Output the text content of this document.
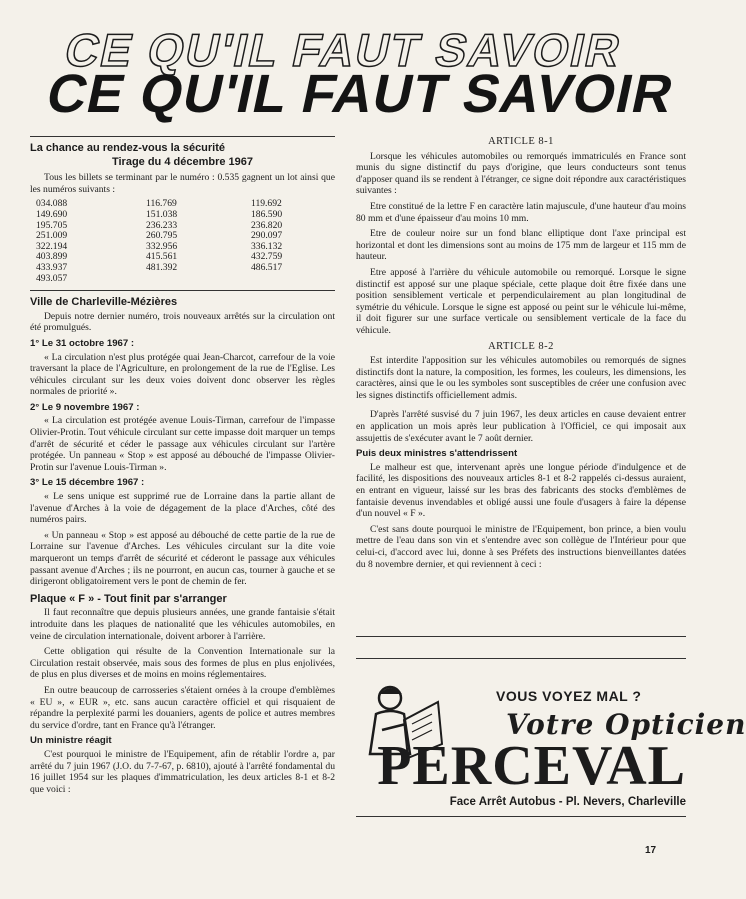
CE QU'IL FAUT SAVOIR
CE QU'IL FAUT SAVOIR
La chance au rendez-vous la sécurité
Tirage du 4 décembre 1967

Tous les billets se terminant par le numéro : 0.535 gagnent un lot ainsi que les numéros suivants :

034.088	116.769	119.692
149.690	151.038	186.590
195.705	236.233	236.820
251.009	260.795	290.097
322.194	332.956	336.132
403.899	415.561	432.759
433.937	481.392	486.517
493.057
Ville de Charleville-Mézières

Depuis notre dernier numéro, trois nouveaux arrêtés sur la circulation ont été promulgués.

1° Le 31 octobre 1967 :

« La circulation n'est plus protégée quai Jean-Charcot, carrefour de la voie traversant la place de l'Agriculture, en prolongement de la rue de l'Eglise. Les véhicules circulant sur les deux voies doivent donc observer les règles normales de priorité ».

2° Le 9 novembre 1967 :

« La circulation est protégée avenue Louis-Tirman, carrefour de l'impasse Olivier-Protin. Tout véhicule circulant sur cette impasse doit marquer un temps d'arrêt de sécurité et céder le passage aux véhicules circulant sur l'artère protégée. Un panneau « Stop » est apposé au débouché de l'impasse Olivier-Protin sur l'avenue Louis-Tirman ».

3° Le 15 décembre 1967 :

« Le sens unique est supprimé rue de Lorraine dans la partie allant de l'avenue d'Arches à la voie de dégagement de la place d'Arches, côté des numéros pairs.

« Un panneau « Stop » est apposé au débouché de cette partie de la rue de Lorraine sur l'avenue d'Arches. Les véhicules circulant sur la dite voie marqueront un temps d'arrêt de sécurité et céderont le passage aux véhicules passant avenue d'Arches ; ils ne pourront, en aucun cas, tourner à gauche et se dirigeront obligatoirement vers le pont de chemin de fer.

Plaque « F » - Tout finit par s'arranger

Il faut reconnaître que depuis plusieurs années, une grande fantaisie s'était introduite dans les plaques de nationalité que les véhicules automobiles, en veine de circulation internationale, doivent arborer à l'arrière.

Cette obligation qui résulte de la Convention Internationale sur la Circulation restait observée, mais sous des formes de plus en plus enjolivées, de plus en plus diverses et de moins en moins réglementaires.

En outre beaucoup de carrosseries s'étaient ornées à la croupe d'emblèmes « EU », « EUR », etc. sans aucun caractère officiel et qui risquaient de répandre la perplexité parmi les douaniers, agents de police et autres membres du service d'ordre, tant en France qu'à l'étranger.

Un ministre réagit

C'est pourquoi le ministre de l'Equipement, afin de rétablir l'ordre a, par arrêté du 7 juin 1967 (J.O. du 7-7-67, p. 6810), ajouté à l'arrêté fondamental du 16 juillet 1954 sur les plaques d'immatriculation, les deux articles 8-1 et 8-2 que voici :

ARTICLE 8-1

Lorsque les véhicules automobiles ou remorqués immatriculés en France sont munis du signe distinctif du pays d'origine, que leurs conducteurs sont tenus d'apposer quand ils se rendent à l'étranger, ce signe doit répondre aux caractéristiques suivantes :

Etre constitué de la lettre F en caractère latin majuscule, d'une hauteur d'au moins 80 mm et d'une épaisseur d'au moins 10 mm.

Etre de couleur noire sur un fond blanc elliptique dont l'axe principal est horizontal et dont les dimensions sont au moins de 175 mm de largeur et 115 mm de hauteur.

Etre apposé à l'arrière du véhicule automobile ou remorqué. Lorsque le signe distinctif est apposé sur une plaque spéciale, cette plaque doit être fixée dans une position sensiblement verticale et perpendiculairement au plan longitudinal de symétrie du véhicule. Lorsque le signe est apposé ou peint sur le véhicule lui-même, il doit figurer sur une surface verticale ou sensiblement verticale de la face du véhicule.

ARTICLE 8-2

Est interdite l'apposition sur les véhicules automobiles ou remorqués de signes distinctifs dont la nature, la composition, les formes, les couleurs, les dimensions, les caractères, ainsi que le ou les symboles sont susceptibles de créer une confusion avec les signes distinctifs officiellement admis.

D'après l'arrêté susvisé du 7 juin 1967, les deux articles en cause devaient entrer en application un mois après leur publication à l'Officiel, ce qui imposait aux assujettis de s'exécuter avant le 7 août dernier.

Puis deux ministres s'attendrissent

Le malheur est que, intervenant après une longue période d'indulgence et de facilité, les dispositions des nouveaux articles 8-1 et 8-2 rappelés ci-dessus auraient, en entrant en vigueur, laissé sur les bras des fabricants des stocks d'emblèmes de fantaisie devenus invendables et obligé aussi une foule d'usagers à faire la dépense d'un nouvel « F ».

C'est sans doute pourquoi le ministre de l'Equipement, bon prince, a bien voulu mettre de l'eau dans son vin et s'entendre avec son collègue de l'Intérieur pour que celui-ci, d'accord avec lui, donne à ses Préfets des instructions bienveillantes datées du 8 novembre dernier, et qui reviennent à ceci :

VOUS VOYEZ MAL ?
Votre Opticien
PERCEVAL
Face Arrêt Autobus - Pl. Nevers, Charleville
17
